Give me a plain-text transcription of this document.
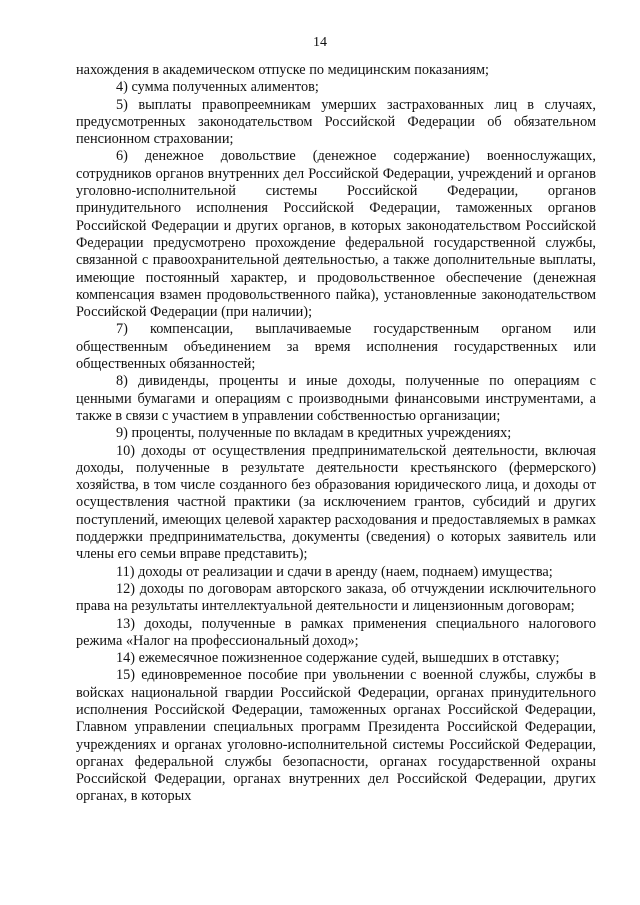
14

нахождения в академическом отпуске по медицинским показаниям;

4) сумма полученных алиментов;

5) выплаты правопреемникам умерших застрахованных лиц в случаях, предусмотренных законодательством Российской Федерации об обязательном пенсионном страховании;

6) денежное довольствие (денежное содержание) военнослужащих, сотрудников органов внутренних дел Российской Федерации, учреждений и органов уголовно-исполнительной системы Российской Федерации, органов принудительного исполнения Российской Федерации, таможенных органов Российской Федерации и других органов, в которых законодательством Российской Федерации предусмотрено прохождение федеральной государственной службы, связанной с правоохранительной деятельностью, а также дополнительные выплаты, имеющие постоянный характер, и продовольственное обеспечение (денежная компенсация взамен продовольственного пайка), установленные законодательством Российской Федерации (при наличии);

7) компенсации, выплачиваемые государственным органом или общественным объединением за время исполнения государственных или общественных обязанностей;

8) дивиденды, проценты и иные доходы, полученные по операциям с ценными бумагами и операциям с производными финансовыми инструментами, а также в связи с участием в управлении собственностью организации;

9) проценты, полученные по вкладам в кредитных учреждениях;

10) доходы от осуществления предпринимательской деятельности, включая доходы, полученные в результате деятельности крестьянского (фермерского) хозяйства, в том числе созданного без образования юридического лица, и доходы от осуществления частной практики (за исключением грантов, субсидий и других поступлений, имеющих целевой характер расходования и предоставляемых в рамках поддержки предпринимательства, документы (сведения) о которых заявитель или члены его семьи вправе представить);

11) доходы от реализации и сдачи в аренду (наем, поднаем) имущества;

12) доходы по договорам авторского заказа, об отчуждении исключительного права на результаты интеллектуальной деятельности и лицензионным договорам;

13) доходы, полученные в рамках применения специального налогового режима «Налог на профессиональный доход»;

14) ежемесячное пожизненное содержание судей, вышедших в отставку;

15) единовременное пособие при увольнении с военной службы, службы в войсках национальной гвардии Российской Федерации, органах принудительного исполнения Российской Федерации, таможенных органах Российской Федерации, Главном управлении специальных программ Президента Российской Федерации, учреждениях и органах уголовно-исполнительной системы Российской Федерации, органах федеральной службы безопасности, органах государственной охраны Российской Федерации, органах внутренних дел Российской Федерации, других органах, в которых
